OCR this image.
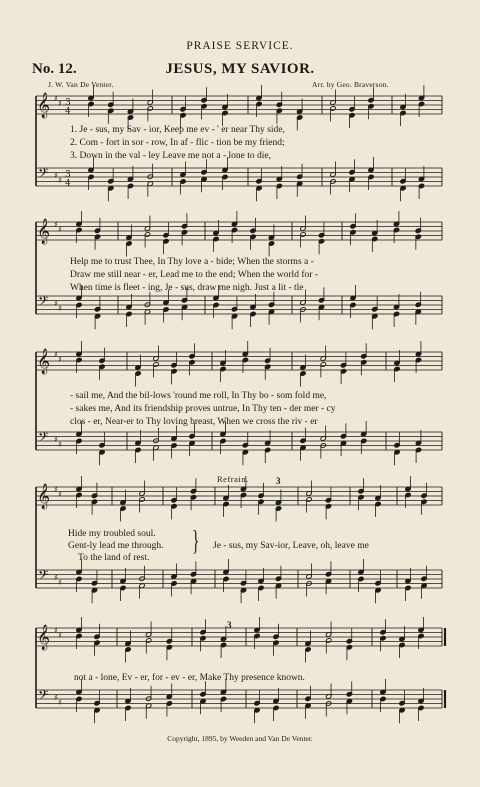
PRAISE SERVICE.
No. 12.	JESUS, MY SAVIOR.
J. W. Van De Venter.	Arr. by Geo. Braverson.
𝄞
𝄢
♯
♯
♯
♯
3
4
3
4
𝄞
𝄢
♯
♯
♯
♯
𝄞
𝄢
♯
♯
♯
♯
𝄞
𝄢
♯
♯
♯
♯
𝄞
𝄢
♯
♯
♯
♯
3
3
1. Je - sus, my Sav - ior, Keep me ev - ' er near Thy side,
2. Com - fort in sor - row, In af - flic - tion be my friend;
3. Down in the val - ley Leave me not a - lone to die,
Help me to trust Thee, In Thy love a - bide; When the storms a -
Draw me still near - er, Lead me to the end; When the world for -
When time is fleet - ing, Je - sus, draw me nigh. Just a lit - tle
- sail me, And the bil-lows 'round me roll, In Thy bo - som fold me,
- sakes me, And its friendship proves untrue, In Thy ten - der mer - cy
clos - er, Near-er to Thy loving breast, When we cross the riv - er
Refrain.
Hide my troubled soul.
Gent-ly lead me through.
To the land of rest.
} Je - sus, my Sav-ior, Leave, oh, leave me
not a - lone, Ev - er, for - ev - er, Make Thy presence known.
Copyright, 1895, by Weeden and Van De Venter.
